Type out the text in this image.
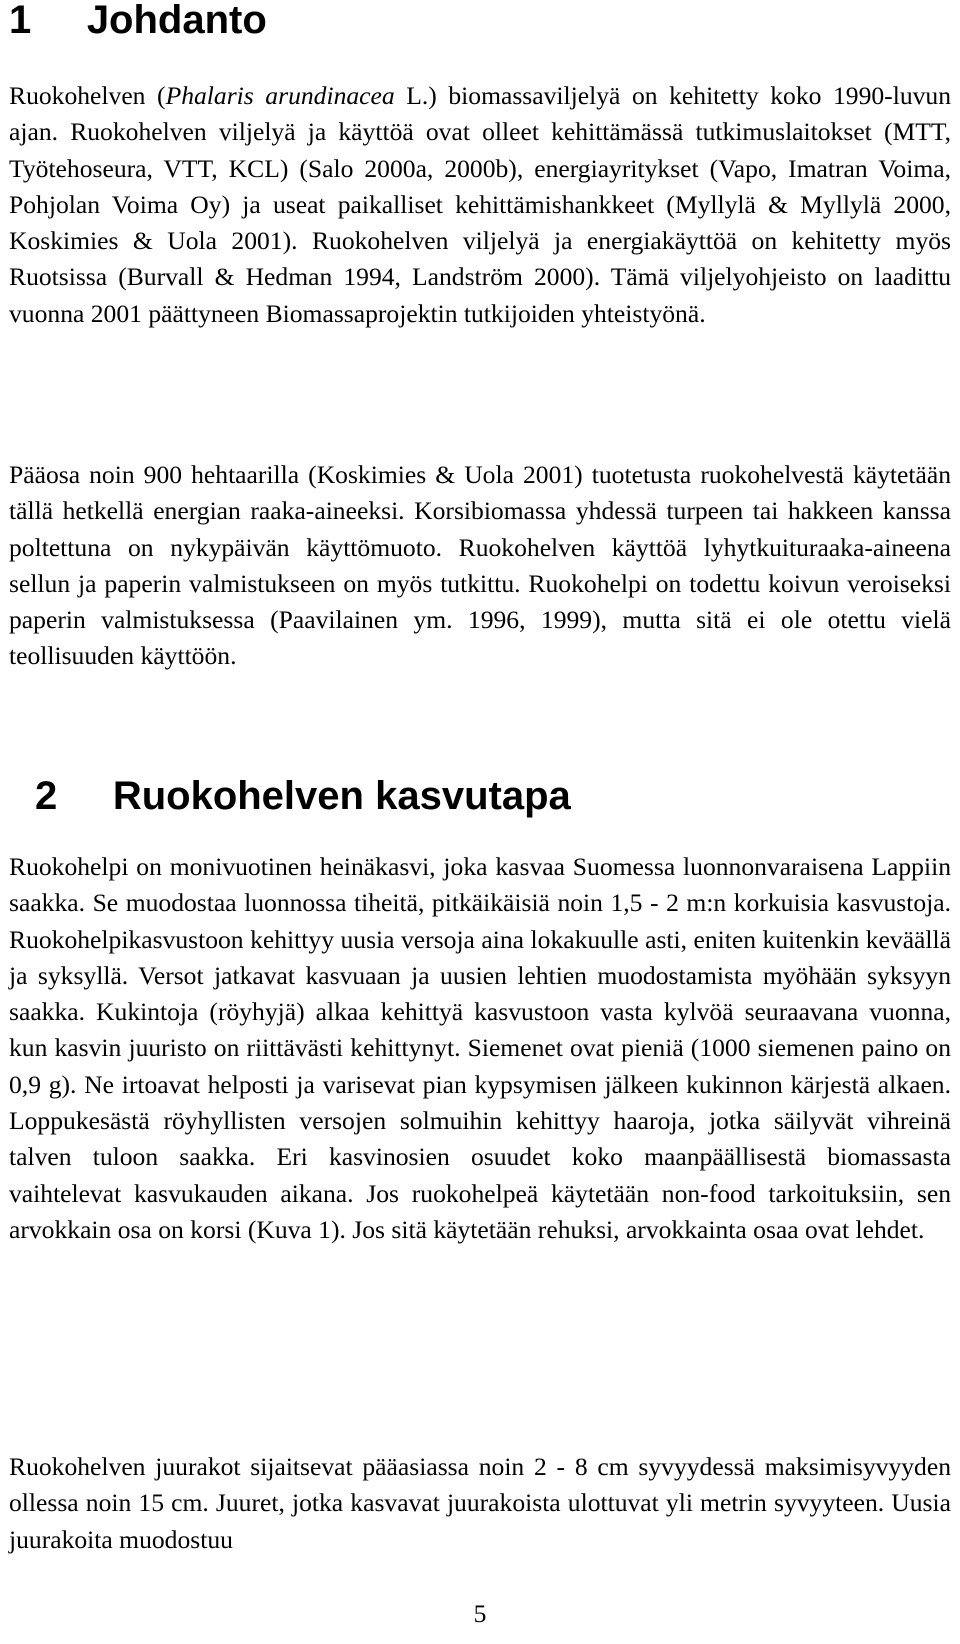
1     Johdanto

Ruokohelven (Phalaris arundinacea L.) biomassaviljelyä on kehitetty koko 1990-luvun ajan. Ruokohelven viljelyä ja käyttöä ovat olleet kehittämässä tutkimuslaitokset (MTT, Työtehoseura, VTT, KCL) (Salo 2000a, 2000b), energiayritykset (Vapo, Imatran Voima, Pohjolan Voima Oy) ja useat paikalliset kehittämishankkeet (Myllylä & Myllylä 2000, Koskimies & Uola 2001). Ruokohelven viljelyä ja energiakäyttöä on kehitetty myös Ruotsissa (Burvall & Hedman 1994, Landström 2000). Tämä viljelyohjeisto on laadittu vuonna 2001 päättyneen Biomassaprojektin tutkijoiden yhteistyönä.

Pääosa noin 900 hehtaarilla (Koskimies & Uola 2001) tuotetusta ruokohelvestä käytetään tällä hetkellä energian raaka-aineeksi. Korsibiomassa yhdessä turpeen tai hakkeen kanssa poltettuna on nykypäivän käyttömuoto. Ruokohelven käyttöä lyhytkuituraaka-aineena sellun ja paperin valmistukseen on myös tutkittu. Ruokohelpi on todettu koivun veroiseksi paperin valmistuksessa (Paavilainen ym. 1996, 1999), mutta sitä ei ole otettu vielä teollisuuden käyttöön.

2     Ruokohelven kasvutapa

Ruokohelpi on monivuotinen heinäkasvi, joka kasvaa Suomessa luonnonvaraisena Lappiin saakka. Se muodostaa luonnossa tiheitä, pitkäikäisiä noin 1,5 - 2 m:n korkuisia kasvustoja. Ruokohelpikasvustoon kehittyy uusia versoja aina lokakuulle asti, eniten kuitenkin keväällä ja syksyllä. Versot jatkavat kasvuaan ja uusien lehtien muodostamista myöhään syksyyn saakka. Kukintoja (röyhyjä) alkaa kehittyä kasvustoon vasta kylvöä seuraavana vuonna, kun kasvin juuristo on riittävästi kehittynyt. Siemenet ovat pieniä (1000 siemenen paino on 0,9 g). Ne irtoavat helposti ja varisevat pian kypsymisen jälkeen kukinnon kärjestä alkaen. Loppukesästä röyhyllisten versojen solmuihin kehittyy haaroja, jotka säilyvät vihreinä talven tuloon saakka. Eri kasvinosien osuudet koko maanpäällisestä biomassasta vaihtelevat kasvukauden aikana. Jos ruokohelpeä käytetään non-food tarkoituksiin, sen arvokkain osa on korsi (Kuva 1). Jos sitä käytetään rehuksi, arvokkainta osaa ovat lehdet.

Ruokohelven juurakot sijaitsevat pääasiassa noin 2 - 8 cm syvyydessä maksimisyvyyden ollessa noin 15 cm. Juuret, jotka kasvavat juurakoista ulottuvat yli metrin syvyyteen. Uusia juurakoita muodostuu

5
